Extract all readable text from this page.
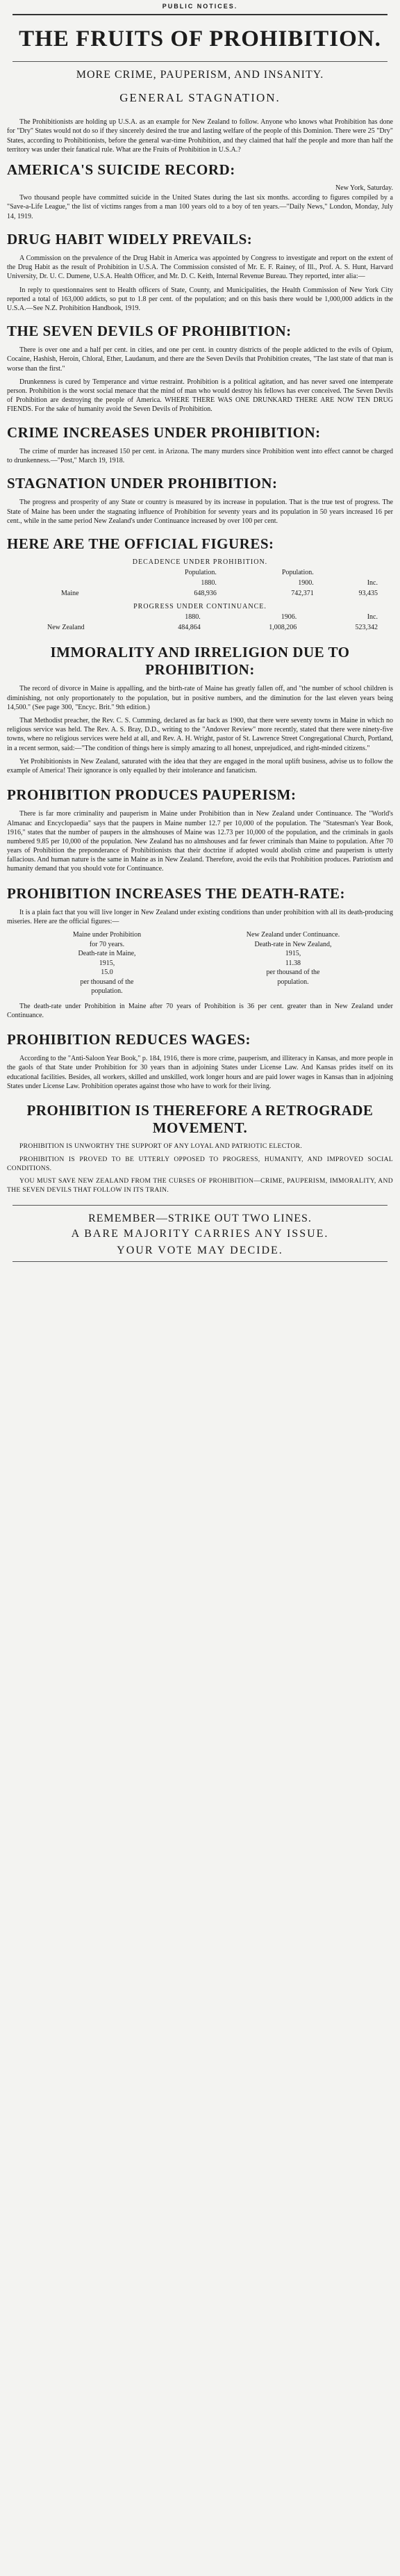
PUBLIC NOTICES.
THE FRUITS OF PROHIBITION.
MORE CRIME, PAUPERISM, AND INSANITY.
GENERAL STAGNATION.

The Prohibitionists are holding up U.S.A. as an example for New Zealand to follow. Anyone who knows what Prohibition has done for "Dry" States would not do so if they sincerely desired the true and lasting welfare of the people of this Dominion. There were 25 "Dry" States, according to Prohibitionists, before the general war-time Prohibition, and they claimed that half the people and more than half the territory was under their fanatical rule. What are the Fruits of Prohibition in U.S.A.?

AMERICA'S SUICIDE RECORD:
New York, Saturday.

Two thousand people have committed suicide in the United States during the last six months. according to figures compiled by a "Save-a-Life League," the list of victims ranges from a man 100 years old to a boy of ten years.—"Daily News," London, Monday, July 14, 1919.

DRUG HABIT WIDELY PREVAILS:

A Commission on the prevalence of the Drug Habit in America was appointed by Congress to investigate and report on the extent of the Drug Habit as the result of Prohibition in U.S.A. The Commission consisted of Mr. E. F. Rainey, of Ill., Prof. A. S. Hunt, Harvard University, Dr. U. C. Dumene, U.S.A. Health Officer, and Mr. D. C. Keith, Internal Revenue Bureau. They reported, inter alia:—

In reply to questionnaires sent to Health officers of State, County, and Municipalities, the Health Commission of New York City reported a total of 163,000 addicts, so put to 1.8 per cent. of the population; and on this basis there would be 1,000,000 addicts in the U.S.A.—See N.Z. Prohibition Handbook, 1919.

THE SEVEN DEVILS OF PROHIBITION:

There is over one and a half per cent. in cities, and one per cent. in country districts of the people addicted to the evils of Opium, Cocaine, Hashish, Heroin, Chloral, Ether, Laudanum, and there are the Seven Devils that Prohibition creates, "The last state of that man is worse than the first."

Drunkenness is cured by Temperance and virtue restraint. Prohibition is a political agitation, and has never saved one intemperate person. Prohibition is the worst social menace that the mind of man who would destroy his fellows has ever conceived. The Seven Devils of Prohibition are destroying the people of America. WHERE THERE WAS ONE DRUNKARD THERE ARE NOW TEN DRUG FIENDS. For the sake of humanity avoid the Seven Devils of Prohibition.

CRIME INCREASES UNDER PROHIBITION:

The crime of murder has increased 150 per cent. in Arizona. The many murders since Prohibition went into effect cannot be charged to drunkenness.—"Post," March 19, 1918.

STAGNATION UNDER PROHIBITION:

The progress and prosperity of any State or country is measured by its increase in population. That is the true test of progress. The State of Maine has been under the stagnating influence of Prohibition for seventy years and its population in 50 years increased 16 per cent., while in the same period New Zealand's under Continuance increased by over 100 per cent.

HERE ARE THE OFFICIAL FIGURES:
DECADENCE UNDER PROHIBITION.
	Population.	Population.	
	1880.	1900.	Inc.
Maine	648,936	742,371	93,435
PROGRESS UNDER CONTINUANCE.
	1880.	1906.	Inc.
New Zealand	484,864	1,008,206	523,342
IMMORALITY AND IRRELIGION DUE TO PROHIBITION:

The record of divorce in Maine is appalling, and the birth-rate of Maine has greatly fallen off, and "the number of school children is diminishing, not only proportionately to the population, but in positive numbers, and the diminution for the last eleven years being 14,500." (See page 300, "Encyc. Brit." 9th edition.)

That Methodist preacher, the Rev. C. S. Cumming, declared as far back as 1900, that there were seventy towns in Maine in which no religious service was held. The Rev. A. S. Bray, D.D., writing to the "Andover Review" more recently, stated that there were ninety-five towns, where no religious services were held at all, and Rev. A. H. Wright, pastor of St. Lawrence Street Congregational Church, Portland, in a recent sermon, said:—"The condition of things here is simply amazing to all honest, unprejudiced, and right-minded citizens."

Yet Prohibitionists in New Zealand, saturated with the idea that they are engaged in the moral uplift business, advise us to follow the example of America! Their ignorance is only equalled by their intolerance and fanaticism.

PROHIBITION PRODUCES PAUPERISM:

There is far more criminality and pauperism in Maine under Prohibition than in New Zealand under Continuance. The "World's Almanac and Encyclopaedia" says that the paupers in Maine number 12.7 per 10,000 of the population. The "Statesman's Year Book, 1916," states that the number of paupers in the almshouses of Maine was 12.73 per 10,000 of the population, and the criminals in gaols numbered 9.85 per 10,000 of the population. New Zealand has no almshouses and far fewer criminals than Maine to population. After 70 years of Prohibition the preponderance of Prohibitionists that their doctrine if adopted would abolish crime and pauperism is utterly fallacious. And human nature is the same in Maine as in New Zealand. Therefore, avoid the evils that Prohibition produces. Patriotism and humanity demand that you should vote for Continuance.

PROHIBITION INCREASES THE DEATH-RATE:

It is a plain fact that you will live longer in New Zealand under existing conditions than under prohibition with all its death-producing miseries. Here are the official figures:—

Maine under Prohibition
for 70 years.
Death-rate in Maine,
1915,
15.0
per thousand of the
population.
New Zealand under Continuance.
Death-rate in New Zealand,
1915,
11.38
per thousand of the
population.

The death-rate under Prohibition in Maine after 70 years of Prohibition is 36 per cent. greater than in New Zealand under Continuance.

PROHIBITION REDUCES WAGES:

According to the "Anti-Saloon Year Book," p. 184, 1916, there is more crime, pauperism, and illiteracy in Kansas, and more people in the gaols of that State under Prohibition for 30 years than in adjoining States under License Law. And Kansas prides itself on its educational facilities. Besides, all workers, skilled and unskilled, work longer hours and are paid lower wages in Kansas than in adjoining States under License Law. Prohibition operates against those who have to work for their living.

PROHIBITION IS THEREFORE A RETROGRADE MOVEMENT.

PROHIBITION IS UNWORTHY THE SUPPORT OF ANY LOYAL AND PATRIOTIC ELECTOR.

PROHIBITION IS PROVED TO BE UTTERLY OPPOSED TO PROGRESS, HUMANITY, AND IMPROVED SOCIAL CONDITIONS.

YOU MUST SAVE NEW ZEALAND FROM THE CURSES OF PROHIBITION—CRIME, PAUPERISM, IMMORALITY, AND THE SEVEN DEVILS THAT FOLLOW IN ITS TRAIN.

REMEMBER—STRIKE OUT TWO LINES.
A BARE MAJORITY CARRIES ANY ISSUE.
YOUR VOTE MAY DECIDE.
